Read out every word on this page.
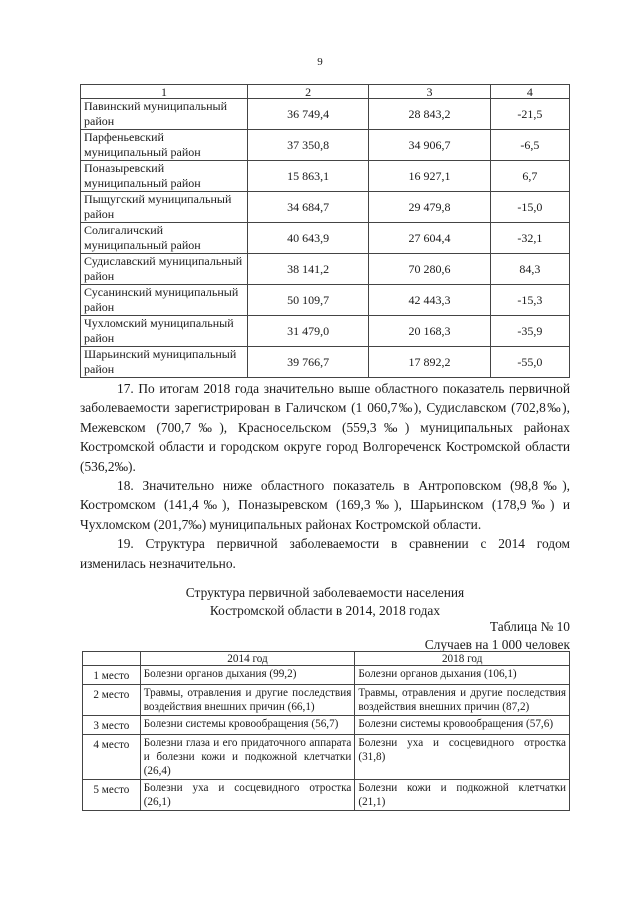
9
1	2	3	4
Павинский муниципальный район	36 749,4	28 843,2	-21,5
Парфеньевский муниципальный район	37 350,8	34 906,7	-6,5
Поназыревский муниципальный район	15 863,1	16 927,1	6,7
Пыщугский муниципальный район	34 684,7	29 479,8	-15,0
Солигаличский муниципальный район	40 643,9	27 604,4	-32,1
Судиславский муниципальный район	38 141,2	70 280,6	84,3
Сусанинский муниципальный район	50 109,7	42 443,3	-15,3
Чухломский муниципальный район	31 479,0	20 168,3	-35,9
Шарьинский муниципальный район	39 766,7	17 892,2	-55,0

17. По итогам 2018 года значительно выше областного показатель первичной заболеваемости зарегистрирован в Галичском (1 060,7‰), Судиславском (702,8‰), Межевском (700,7‰), Красносельском (559,3‰) муниципальных районах Костромской области и городском округе город Волгореченск Костромской области (536,2‰).

18. Значительно ниже областного показатель в Антроповском (98,8‰), Костромском (141,4‰), Поназыревском (169,3‰), Шарьинском (178,9‰) и Чухломском (201,7‰) муниципальных районах Костромской области.

19. Структура первичной заболеваемости в сравнении с 2014 годом изменилась незначительно.

Структура первичной заболеваемости населения
Костромской области в 2014, 2018 годах
Таблица № 10
Случаев на 1 000 человек
	2014 год	2018 год
1 место	Болезни органов дыхания (99,2)	Болезни органов дыхания (106,1)
2 место	Травмы, отравления и другие последствия воздействия внешних причин (66,1)	Травмы, отравления и другие последствия воздействия внешних причин (87,2)
3 место	Болезни системы кровообращения (56,7)	Болезни системы кровообращения (57,6)
4 место	Болезни глаза и его придаточного аппарата и болезни кожи и подкожной клетчатки (26,4)	Болезни уха и сосцевидного отростка (31,8)
5 место	Болезни уха и сосцевидного отростка (26,1)	Болезни кожи и подкожной клетчатки (21,1)
